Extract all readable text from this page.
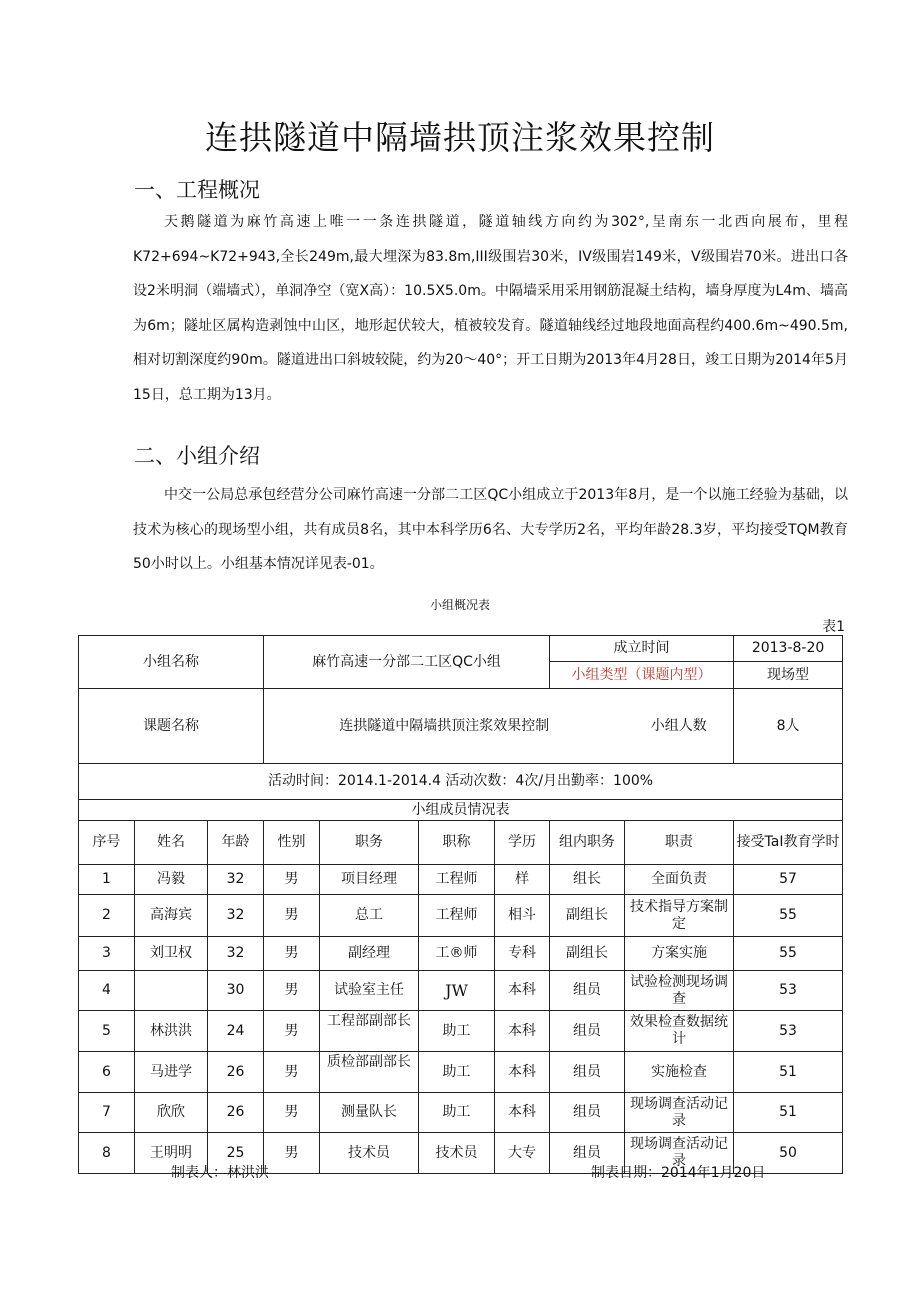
连拱隧道中隔墙拱顶注浆效果控制
一、工程概况
天鹅隧道为麻竹高速上唯一一条连拱隧道，隧道轴线方向约为302°,呈南东一北西向展布，里程K72+694~K72+943,全长249m,最大埋深为83.8m,III级围岩30米，IV级围岩149米，V级围岩70米。进出口各设2米明洞（端墙式），单洞净空（宽X高）：10.5X5.0m。中隔墙采用采用钢筋混凝土结构，墙身厚度为L4m、墙高为6m；隧址区属构造剥蚀中山区，地形起伏较大，植被较发育。隧道轴线经过地段地面高程约400.6m~490.5m,相对切割深度约90m。隧道进出口斜坡较陡，约为20～40°；开工日期为2013年4月28日，竣工日期为2014年5月15日，总工期为13月。
二、小组介绍
中交一公局总承包经营分公司麻竹高速一分部二工区QC小组成立于2013年8月，是一个以施工经验为基础，以技术为核心的现场型小组，共有成员8名，其中本科学历6名、大专学历2名，平均年龄28.3岁，平均接受TQM教育50小时以上。小组基本情况详见表-01。
小组概况表
表1
小组名称			麻竹高速一分部二工区QC小组				成立时间		2013-8-20
							小组类型（课题内型）		现场型
课题名称			连拱隧道中隔墙拱顶注浆效果控制					小组人数	8人
活动时间：2014.1-2014.4 活动次数：4次/月出勤率：100%									
小组成员情况表									
序号	姓名	年龄	性别	职务	职称	学历	组内职务	职责	接受TaI教育学时
1	冯毅	32	男	项目经理	工程师	样	组长	全面负责	57
2	高海宾	32	男	总工	工程师	相斗	副组长	技术指导方案制定	55
3	刘卫权	32	男	副经理	工®师	专科	副组长	方案实施	55
4		30	男	试验室主任	JW	本科	组员	试验检测现场调查	53
5	林洪洪	24	男	工程部副部长	助工	本科	组员	效果检查数据统计	53
6	马进学	26	男	质检部副部长	助工	本科	组员	实施检查	51
7	欣欣	26	男	测量队长	助工	本科	组员	现场调查活动记录	51
8	王明明	25	男	技术员	技术员	大专	组员	现场调查活动记录	50
制表人：林洪洪	制表日期：2014年1月20日
